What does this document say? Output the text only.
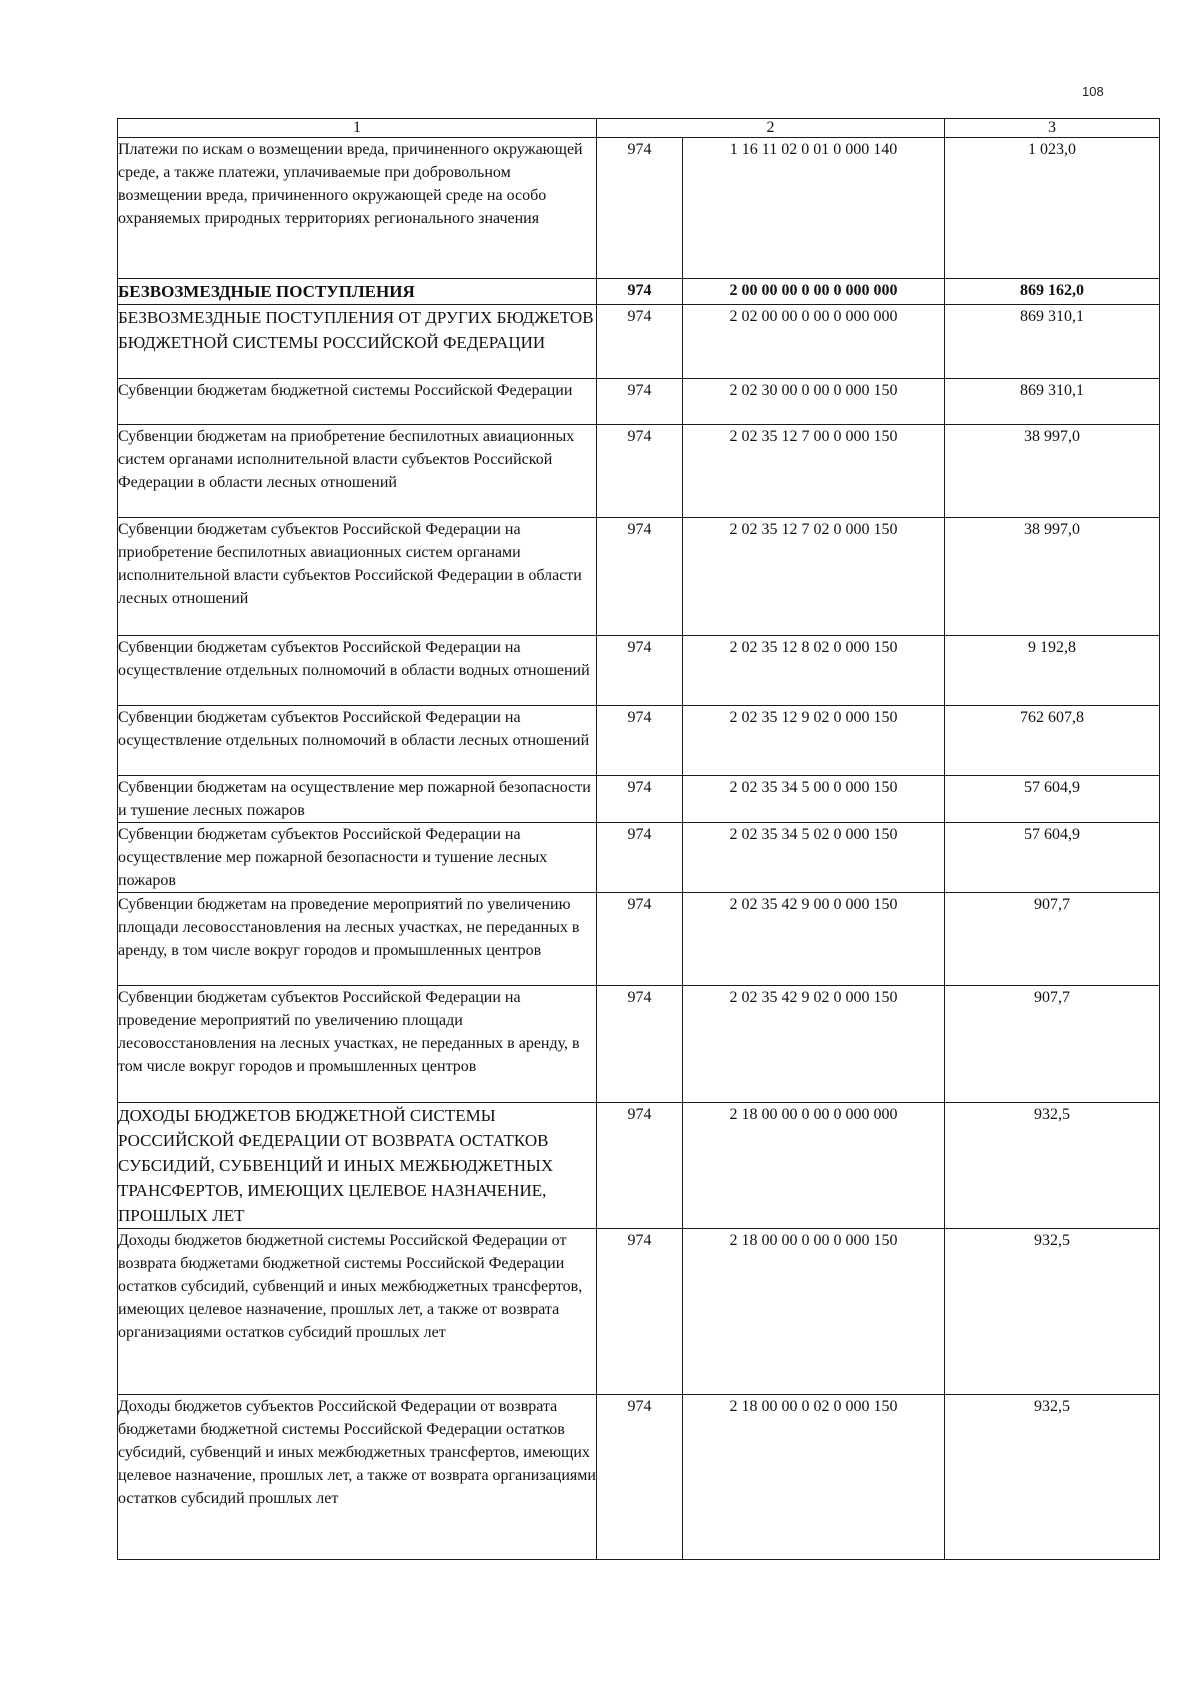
108
1	2		3
Платежи по искам о возмещении вреда, причиненного окружающей среде, а также платежи, уплачиваемые при добровольном возмещении вреда, причиненного окружающей среде на особо охраняемых природных территориях регионального значения	974	1 16 11 02 0 01 0 000 140	1 023,0
БЕЗВОЗМЕЗДНЫЕ ПОСТУПЛЕНИЯ	974	2 00 00 00 0 00 0 000 000	869 162,0
БЕЗВОЗМЕЗДНЫЕ ПОСТУПЛЕНИЯ ОТ ДРУГИХ БЮДЖЕТОВ БЮДЖЕТНОЙ СИСТЕМЫ РОССИЙСКОЙ ФЕДЕРАЦИИ	974	2 02 00 00 0 00 0 000 000	869 310,1
Субвенции бюджетам бюджетной системы Российской Федерации	974	2 02 30 00 0 00 0 000 150	869 310,1
Субвенции бюджетам на приобретение беспилотных авиационных систем органами исполнительной власти субъектов Российской Федерации в области лесных отношений	974	2 02 35 12 7 00 0 000 150	38 997,0
Субвенции бюджетам субъектов Российской Федерации на приобретение беспилотных авиационных систем органами исполнительной власти субъектов Российской Федерации в области лесных отношений	974	2 02 35 12 7 02 0 000 150	38 997,0
Субвенции бюджетам субъектов Российской Федерации на осуществление отдельных полномочий в области водных отношений	974	2 02 35 12 8 02 0 000 150	9 192,8
Субвенции бюджетам субъектов Российской Федерации на осуществление отдельных полномочий в области лесных отношений	974	2 02 35 12 9 02 0 000 150	762 607,8
Субвенции бюджетам на осуществление мер пожарной безопасности и тушение лесных пожаров	974	2 02 35 34 5 00 0 000 150	57 604,9
Субвенции бюджетам субъектов Российской Федерации на осуществление мер пожарной безопасности и тушение лесных пожаров	974	2 02 35 34 5 02 0 000 150	57 604,9
Субвенции бюджетам на проведение мероприятий по увеличению площади лесовосстановления на лесных участках, не переданных в аренду, в том числе вокруг городов и промышленных центров	974	2 02 35 42 9 00 0 000 150	907,7
Субвенции бюджетам субъектов Российской Федерации на проведение мероприятий по увеличению площади лесовосстановления на лесных участках, не переданных в аренду, в том числе вокруг городов и промышленных центров	974	2 02 35 42 9 02 0 000 150	907,7
ДОХОДЫ БЮДЖЕТОВ БЮДЖЕТНОЙ СИСТЕМЫ РОССИЙСКОЙ ФЕДЕРАЦИИ ОТ ВОЗВРАТА ОСТАТКОВ СУБСИДИЙ, СУБВЕНЦИЙ И ИНЫХ МЕЖБЮДЖЕТНЫХ ТРАНСФЕРТОВ, ИМЕЮЩИХ ЦЕЛЕВОЕ НАЗНАЧЕНИЕ, ПРОШЛЫХ ЛЕТ	974	2 18 00 00 0 00 0 000 000	932,5
Доходы бюджетов бюджетной системы Российской Федерации от возврата бюджетами бюджетной системы Российской Федерации остатков субсидий, субвенций и иных межбюджетных трансфертов, имеющих целевое назначение, прошлых лет, а также от возврата организациями остатков субсидий прошлых лет	974	2 18 00 00 0 00 0 000 150	932,5
Доходы бюджетов субъектов Российской Федерации от возврата бюджетами бюджетной системы Российской Федерации остатков субсидий, субвенций и иных межбюджетных трансфертов, имеющих целевое назначение, прошлых лет, а также от возврата организациями остатков субсидий прошлых лет	974	2 18 00 00 0 02 0 000 150	932,5
